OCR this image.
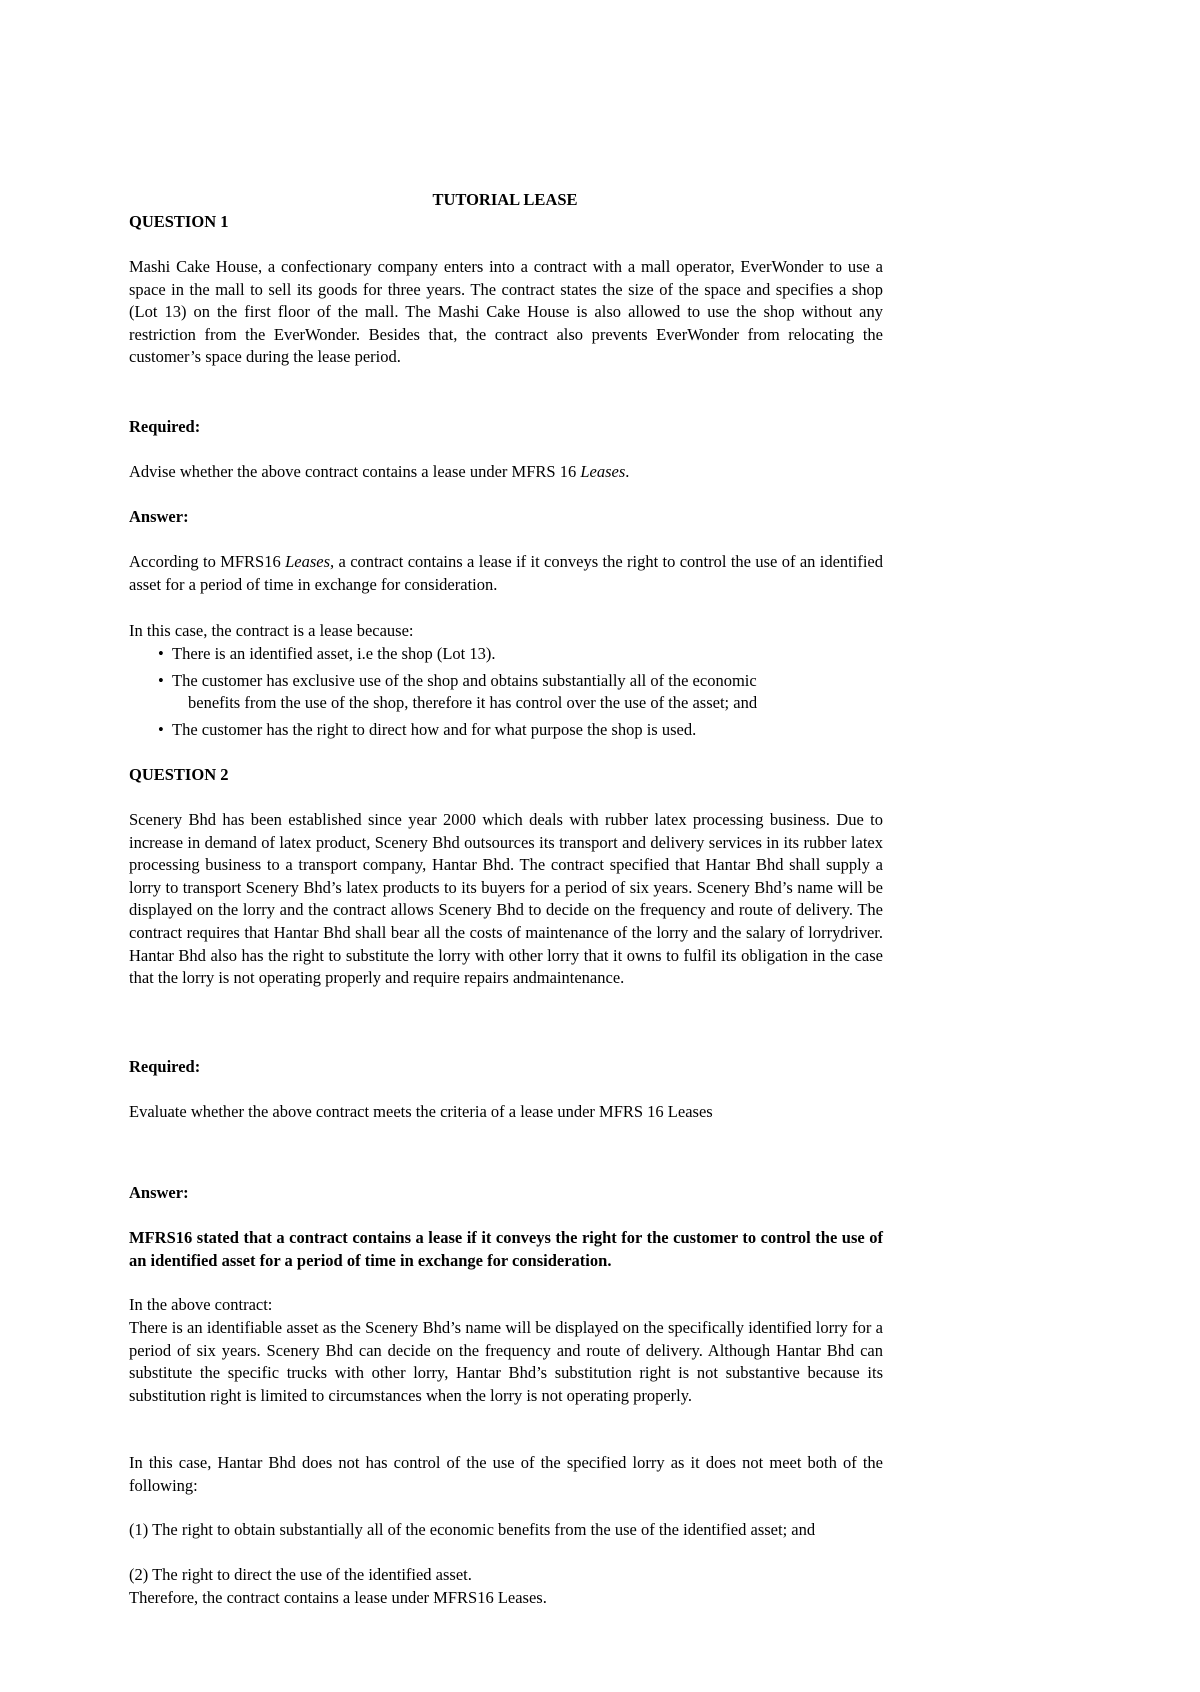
TUTORIAL LEASE

QUESTION 1

Mashi Cake House, a confectionary company enters into a contract with a mall operator, EverWonder to use a space in the mall to sell its goods for three years. The contract states the size of the space and specifies a shop (Lot 13) on the first floor of the mall. The Mashi Cake House is also allowed to use the shop without any restriction from the EverWonder. Besides that, the contract also prevents EverWonder from relocating the customer’s space during the lease period.

Required:

Advise whether the above contract contains a lease under MFRS 16 Leases.

Answer:

According to MFRS16 Leases, a contract contains a lease if it conveys the right to control the use of an identified asset for a period of time in exchange for consideration.

In this case, the contract is a lease because:

• There is an identified asset, i.e the shop (Lot 13).
• The customer has exclusive use of the shop and obtains substantially all of the economic
benefits from the use of the shop, therefore it has control over the use of the asset; and
• The customer has the right to direct how and for what purpose the shop is used.

QUESTION 2

Scenery Bhd has been established since year 2000 which deals with rubber latex processing business. Due to increase in demand of latex product, Scenery Bhd outsources its transport and delivery services in its rubber latex processing business to a transport company, Hantar Bhd. The contract specified that Hantar Bhd shall supply a lorry to transport Scenery Bhd’s latex products to its buyers for a period of six years. Scenery Bhd’s name will be displayed on the lorry and the contract allows Scenery Bhd to decide on the frequency and route of delivery. The contract requires that Hantar Bhd shall bear all the costs of maintenance of the lorry and the salary of lorrydriver. Hantar Bhd also has the right to substitute the lorry with other lorry that it owns to fulfil its obligation in the case that the lorry is not operating properly and require repairs andmaintenance.

Required:

Evaluate whether the above contract meets the criteria of a lease under MFRS 16 Leases

Answer:

MFRS16 stated that a contract contains a lease if it conveys the right for the customer to control the use of an identified asset for a period of time in exchange for consideration.

In the above contract:

There is an identifiable asset as the Scenery Bhd’s name will be displayed on the specifically identified lorry for a period of six years. Scenery Bhd can decide on the frequency and route of delivery. Although Hantar Bhd can substitute the specific trucks with other lorry, Hantar Bhd’s substitution right is not substantive because its substitution right is limited to circumstances when the lorry is not operating properly.

In this case, Hantar Bhd does not has control of the use of the specified lorry as it does not meet both of the following:

(1) The right to obtain substantially all of the economic benefits from the use of the identified asset; and

(2) The right to direct the use of the identified asset.

Therefore, the contract contains a lease under MFRS16 Leases.
